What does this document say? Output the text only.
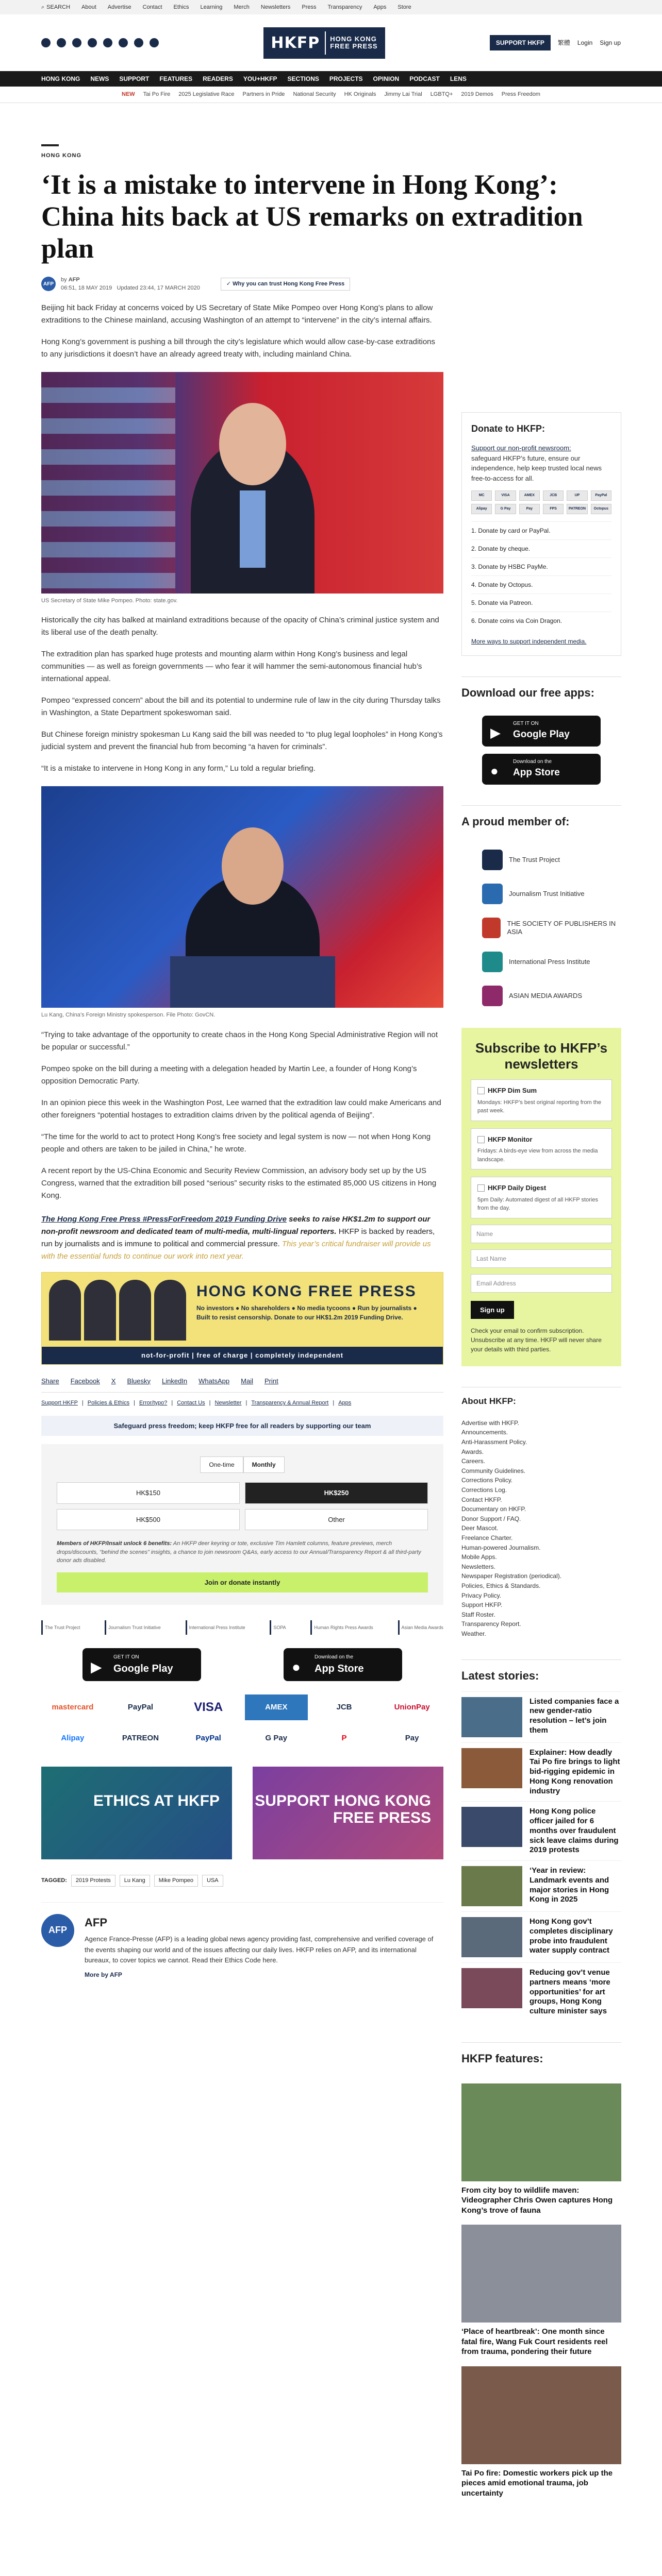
⌕ SEARCH About Advertise Contact Ethics Learning Merch Newsletters Press Transparency Apps Store
HKFP	HONG KONG
FREE PRESS	SUPPORT HKFP	繁體 Login Sign up
HONG KONG NEWS SUPPORT FEATURES READERS YOU+HKFP SECTIONS PROJECTS OPINION PODCAST LENS
NEW Tai Po Fire 2025 Legislative Race Partners in Pride National Security HK Originals Jimmy Lai Trial LGBTQ+ 2019 Demos Press Freedom
HONG KONG
‘It is a mistake to intervene in Hong Kong’: China hits back at US remarks on extradition plan
AFP
by AFP
06:51, 18 MAY 2019 Updated 23:44, 17 MARCH 2020
✓ Why you can trust Hong Kong Free Press

Beijing hit back Friday at concerns voiced by US Secretary of State Mike Pompeo over Hong Kong’s plans to allow extraditions to the Chinese mainland, accusing Washington of an attempt to “intervene” in the city’s internal affairs.

Hong Kong’s government is pushing a bill through the city’s legislature which would allow case-by-case extraditions to any jurisdictions it doesn’t have an already agreed treaty with, including mainland China.

US Secretary of State Mike Pompeo. Photo: state.gov.

Historically the city has balked at mainland extraditions because of the opacity of China’s criminal justice system and its liberal use of the death penalty.

The extradition plan has sparked huge protests and mounting alarm within Hong Kong’s business and legal communities — as well as foreign governments — who fear it will hammer the semi-autonomous financial hub’s international appeal.

Pompeo “expressed concern” about the bill and its potential to undermine rule of law in the city during Thursday talks in Washington, a State Department spokeswoman said.

But Chinese foreign ministry spokesman Lu Kang said the bill was needed to “to plug legal loopholes” in Hong Kong’s judicial system and prevent the financial hub from becoming “a haven for criminals”.

“It is a mistake to intervene in Hong Kong in any form,” Lu told a regular briefing.

Lu Kang, China’s Foreign Ministry spokesperson. File Photo: GovCN.

“Trying to take advantage of the opportunity to create chaos in the Hong Kong Special Administrative Region will not be popular or successful.”

Pompeo spoke on the bill during a meeting with a delegation headed by Martin Lee, a founder of Hong Kong’s opposition Democratic Party.

In an opinion piece this week in the Washington Post, Lee warned that the extradition law could make Americans and other foreigners “potential hostages to extradition claims driven by the political agenda of Beijing”.

“The time for the world to act to protect Hong Kong’s free society and legal system is now — not when Hong Kong people and others are taken to be jailed in China,” he wrote.

A recent report by the US-China Economic and Security Review Commission, an advisory body set up by the US Congress, warned that the extradition bill posed “serious” security risks to the estimated 85,000 US citizens in Hong Kong.

The Hong Kong Free Press #PressForFreedom 2019 Funding Drive seeks to raise HK$1.2m to support our non-profit newsroom and dedicated team of multi-media, multi-lingual reporters. HKFP is backed by readers, run by journalists and is immune to political and commercial pressure. This year’s critical fundraiser will provide us with the essential funds to continue our work into next year.
HONG KONG FREE PRESS
No investors ● No shareholders ● No media tycoons ● Run by journalists ● Built to resist censorship. Donate to our HK$1.2m 2019 Funding Drive.
not-for-profit | free of charge | completely independent
Share Facebook X Bluesky LinkedIn WhatsApp Mail Print
Support HKFP | Policies & Ethics | Error/typo? | Contact Us | Newsletter | Transparency & Annual Report | Apps
Safeguard press freedom; keep HKFP free for all readers by supporting our team
One-time	Monthly
HK$150	HK$250
HK$500	Other
Members of HKFP/Insait unlock 6 benefits: An HKFP deer keyring or tote, exclusive Tim Hamlett columns, feature previews, merch drops/discounts, “behind the scenes” insights, a chance to join newsroom Q&As, early access to our Annual/Transparency Report & all third-party donor ads disabled.
Join or donate instantly
The Trust Project	Journalism Trust Initiative	International Press Institute	SOPA	Human Rights Press Awards	Asian Media Awards
▶
GET IT ON
Google Play	●
Download on the
App Store
mastercard	PayPal	VISA	AMEX	JCB	UnionPay
Alipay	PATREON	PayPal	G Pay	P	Pay
ETHICS AT HKFP SUPPORT HONG KONG FREE PRESS
TAGGED:	2019 Protests	Lu Kang	Mike Pompeo	USA
AFP
AFP

Agence France-Presse (AFP) is a leading global news agency providing fast, comprehensive and verified coverage of the events shaping our world and of the issues affecting our daily lives. HKFP relies on AFP, and its international bureaux, to cover topics we cannot. Read their Ethics Code here.

More by AFP
Donate to HKFP:
Support our non-profit newsroom:
safeguard HKFP’s future, ensure our independence, help keep trusted local news free-to-access for all.
MC	VISA	AMEX	JCB	UP	PayPal
Alipay	G Pay	Pay	FPS	PATREON	Octopus
1. Donate by card or PayPal.
2. Donate by cheque.
3. Donate by HSBC PayMe.
4. Donate by Octopus.
5. Donate via Patreon.
6. Donate coins via Coin Dragon.
More ways to support independent media.
Download our free apps:
▶
GET IT ON
Google Play
●
Download on the
App Store
A proud member of:
The Trust Project
Journalism Trust Initiative
THE SOCIETY OF PUBLISHERS IN ASIA
International Press Institute
ASIAN MEDIA AWARDS
Subscribe to HKFP’s newsletters
HKFP Dim Sum

Mondays: HKFP’s best original reporting from the past week.

HKFP Monitor

Fridays: A birds-eye view from across the media landscape.

HKFP Daily Digest

5pm Daily: Automated digest of all HKFP stories from the day.

Name
Last Name
Email Address
Sign up
Check your email to confirm subscription. Unsubscribe at any time. HKFP will never share your details with third parties.
About HKFP:
Advertise with HKFP.
Announcements.
Anti-Harassment Policy.
Awards.
Careers.
Community Guidelines.
Corrections Policy.
Corrections Log.
Contact HKFP.
Documentary on HKFP.
Donor Support / FAQ.
Deer Mascot.
Freelance Charter.
Human-powered Journalism.
Mobile Apps.
Newsletters.
Newspaper Registration (periodical).
Policies, Ethics & Standards.
Privacy Policy.
Support HKFP.
Staff Roster.
Transparency Report.
Weather.
Latest stories:
Listed companies face a new gender-ratio resolution – let’s join them
Explainer: How deadly Tai Po fire brings to light bid-rigging epidemic in Hong Kong renovation industry
Hong Kong police officer jailed for 6 months over fraudulent sick leave claims during 2019 protests
‘Year in review: Landmark events and major stories in Hong Kong in 2025
Hong Kong gov’t completes disciplinary probe into fraudulent water supply contract
Reducing gov’t venue partners means ‘more opportunities’ for art groups, Hong Kong culture minister says
HKFP features:
From city boy to wildlife maven: Videographer Chris Owen captures Hong Kong’s trove of fauna
‘Place of heartbreak’: One month since fatal fire, Wang Fuk Court residents reel from trauma, pondering their future
Tai Po fire: Domestic workers pick up the pieces amid emotional trauma, job uncertainty
